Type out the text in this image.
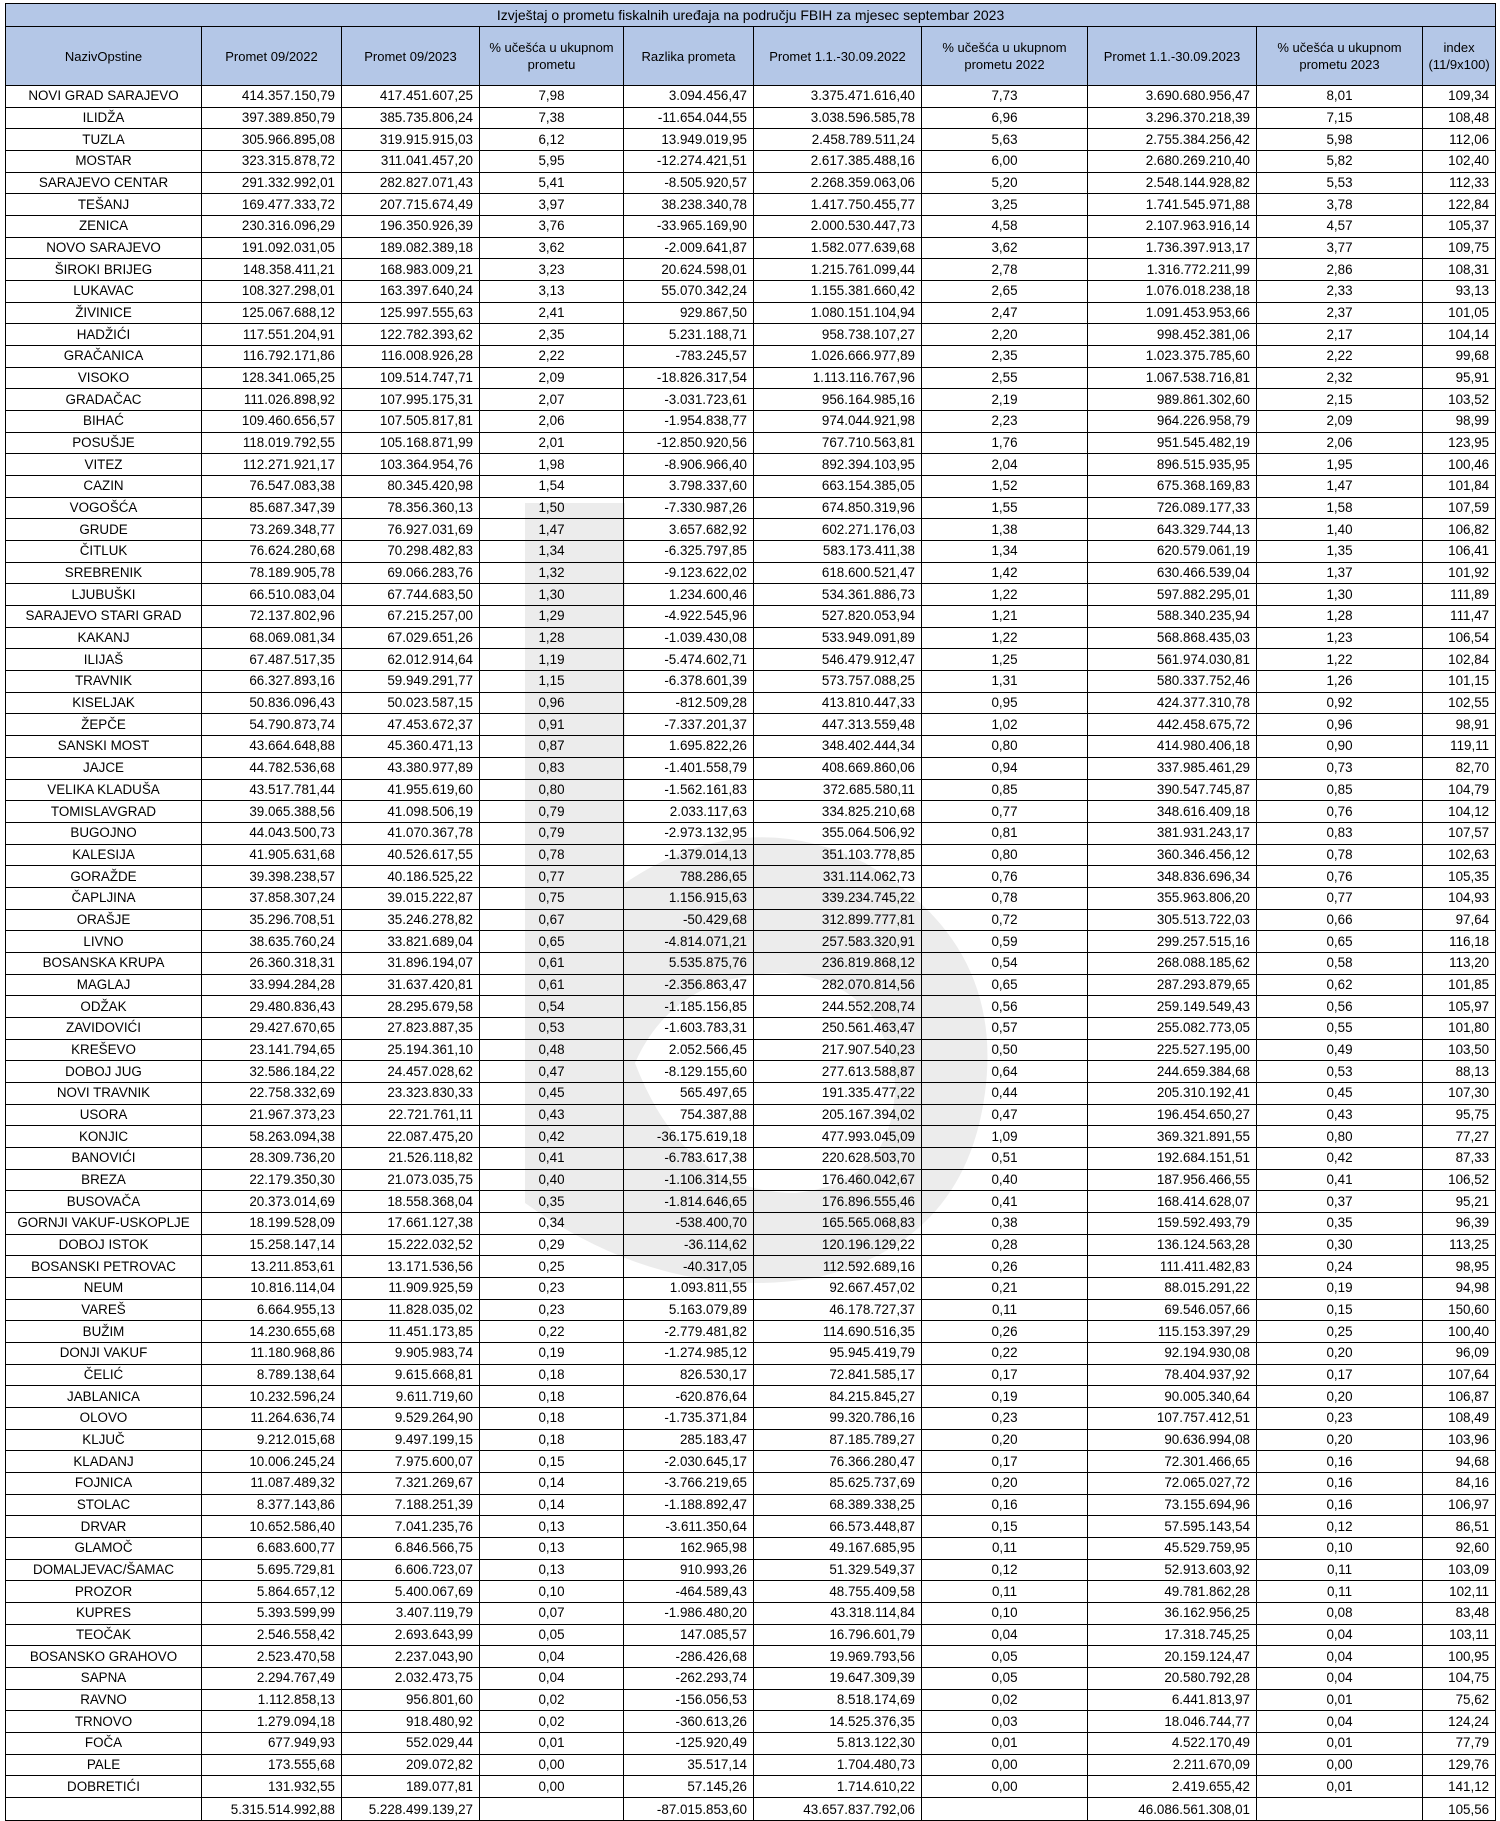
Izvještaj o prometu fiskalnih uređaja na području FBIH za mjesec septembar 2023									
NazivOpstine	Promet 09/2022	Promet 09/2023	% učešća u ukupnom prometu	Razlika prometa	Promet 1.1.-30.09.2022	% učešća u ukupnom prometu 2022	Promet 1.1.-30.09.2023	% učešća u ukupnom prometu 2023	index (11/9x100)
NOVI GRAD SARAJEVO	414.357.150,79	417.451.607,25	7,98	3.094.456,47	3.375.471.616,40	7,73	3.690.680.956,47	8,01	109,34
ILIDŽA	397.389.850,79	385.735.806,24	7,38	-11.654.044,55	3.038.596.585,78	6,96	3.296.370.218,39	7,15	108,48
TUZLA	305.966.895,08	319.915.915,03	6,12	13.949.019,95	2.458.789.511,24	5,63	2.755.384.256,42	5,98	112,06
MOSTAR	323.315.878,72	311.041.457,20	5,95	-12.274.421,51	2.617.385.488,16	6,00	2.680.269.210,40	5,82	102,40
SARAJEVO CENTAR	291.332.992,01	282.827.071,43	5,41	-8.505.920,57	2.268.359.063,06	5,20	2.548.144.928,82	5,53	112,33
TEŠANJ	169.477.333,72	207.715.674,49	3,97	38.238.340,78	1.417.750.455,77	3,25	1.741.545.971,88	3,78	122,84
ZENICA	230.316.096,29	196.350.926,39	3,76	-33.965.169,90	2.000.530.447,73	4,58	2.107.963.916,14	4,57	105,37
NOVO SARAJEVO	191.092.031,05	189.082.389,18	3,62	-2.009.641,87	1.582.077.639,68	3,62	1.736.397.913,17	3,77	109,75
ŠIROKI BRIJEG	148.358.411,21	168.983.009,21	3,23	20.624.598,01	1.215.761.099,44	2,78	1.316.772.211,99	2,86	108,31
LUKAVAC	108.327.298,01	163.397.640,24	3,13	55.070.342,24	1.155.381.660,42	2,65	1.076.018.238,18	2,33	93,13
ŽIVINICE	125.067.688,12	125.997.555,63	2,41	929.867,50	1.080.151.104,94	2,47	1.091.453.953,66	2,37	101,05
HADŽIĆI	117.551.204,91	122.782.393,62	2,35	5.231.188,71	958.738.107,27	2,20	998.452.381,06	2,17	104,14
GRAČANICA	116.792.171,86	116.008.926,28	2,22	-783.245,57	1.026.666.977,89	2,35	1.023.375.785,60	2,22	99,68
VISOKO	128.341.065,25	109.514.747,71	2,09	-18.826.317,54	1.113.116.767,96	2,55	1.067.538.716,81	2,32	95,91
GRADAČAC	111.026.898,92	107.995.175,31	2,07	-3.031.723,61	956.164.985,16	2,19	989.861.302,60	2,15	103,52
BIHAĆ	109.460.656,57	107.505.817,81	2,06	-1.954.838,77	974.044.921,98	2,23	964.226.958,79	2,09	98,99
POSUŠJE	118.019.792,55	105.168.871,99	2,01	-12.850.920,56	767.710.563,81	1,76	951.545.482,19	2,06	123,95
VITEZ	112.271.921,17	103.364.954,76	1,98	-8.906.966,40	892.394.103,95	2,04	896.515.935,95	1,95	100,46
CAZIN	76.547.083,38	80.345.420,98	1,54	3.798.337,60	663.154.385,05	1,52	675.368.169,83	1,47	101,84
VOGOŠĆA	85.687.347,39	78.356.360,13	1,50	-7.330.987,26	674.850.319,96	1,55	726.089.177,33	1,58	107,59
GRUDE	73.269.348,77	76.927.031,69	1,47	3.657.682,92	602.271.176,03	1,38	643.329.744,13	1,40	106,82
ČITLUK	76.624.280,68	70.298.482,83	1,34	-6.325.797,85	583.173.411,38	1,34	620.579.061,19	1,35	106,41
SREBRENIK	78.189.905,78	69.066.283,76	1,32	-9.123.622,02	618.600.521,47	1,42	630.466.539,04	1,37	101,92
LJUBUŠKI	66.510.083,04	67.744.683,50	1,30	1.234.600,46	534.361.886,73	1,22	597.882.295,01	1,30	111,89
SARAJEVO STARI GRAD	72.137.802,96	67.215.257,00	1,29	-4.922.545,96	527.820.053,94	1,21	588.340.235,94	1,28	111,47
KAKANJ	68.069.081,34	67.029.651,26	1,28	-1.039.430,08	533.949.091,89	1,22	568.868.435,03	1,23	106,54
ILIJAŠ	67.487.517,35	62.012.914,64	1,19	-5.474.602,71	546.479.912,47	1,25	561.974.030,81	1,22	102,84
TRAVNIK	66.327.893,16	59.949.291,77	1,15	-6.378.601,39	573.757.088,25	1,31	580.337.752,46	1,26	101,15
KISELJAK	50.836.096,43	50.023.587,15	0,96	-812.509,28	413.810.447,33	0,95	424.377.310,78	0,92	102,55
ŽEPČE	54.790.873,74	47.453.672,37	0,91	-7.337.201,37	447.313.559,48	1,02	442.458.675,72	0,96	98,91
SANSKI MOST	43.664.648,88	45.360.471,13	0,87	1.695.822,26	348.402.444,34	0,80	414.980.406,18	0,90	119,11
JAJCE	44.782.536,68	43.380.977,89	0,83	-1.401.558,79	408.669.860,06	0,94	337.985.461,29	0,73	82,70
VELIKA KLADUŠA	43.517.781,44	41.955.619,60	0,80	-1.562.161,83	372.685.580,11	0,85	390.547.745,87	0,85	104,79
TOMISLAVGRAD	39.065.388,56	41.098.506,19	0,79	2.033.117,63	334.825.210,68	0,77	348.616.409,18	0,76	104,12
BUGOJNO	44.043.500,73	41.070.367,78	0,79	-2.973.132,95	355.064.506,92	0,81	381.931.243,17	0,83	107,57
KALESIJA	41.905.631,68	40.526.617,55	0,78	-1.379.014,13	351.103.778,85	0,80	360.346.456,12	0,78	102,63
GORAŽDE	39.398.238,57	40.186.525,22	0,77	788.286,65	331.114.062,73	0,76	348.836.696,34	0,76	105,35
ČAPLJINA	37.858.307,24	39.015.222,87	0,75	1.156.915,63	339.234.745,22	0,78	355.963.806,20	0,77	104,93
ORAŠJE	35.296.708,51	35.246.278,82	0,67	-50.429,68	312.899.777,81	0,72	305.513.722,03	0,66	97,64
LIVNO	38.635.760,24	33.821.689,04	0,65	-4.814.071,21	257.583.320,91	0,59	299.257.515,16	0,65	116,18
BOSANSKA KRUPA	26.360.318,31	31.896.194,07	0,61	5.535.875,76	236.819.868,12	0,54	268.088.185,62	0,58	113,20
MAGLAJ	33.994.284,28	31.637.420,81	0,61	-2.356.863,47	282.070.814,56	0,65	287.293.879,65	0,62	101,85
ODŽAK	29.480.836,43	28.295.679,58	0,54	-1.185.156,85	244.552.208,74	0,56	259.149.549,43	0,56	105,97
ZAVIDOVIĆI	29.427.670,65	27.823.887,35	0,53	-1.603.783,31	250.561.463,47	0,57	255.082.773,05	0,55	101,80
KREŠEVO	23.141.794,65	25.194.361,10	0,48	2.052.566,45	217.907.540,23	0,50	225.527.195,00	0,49	103,50
DOBOJ JUG	32.586.184,22	24.457.028,62	0,47	-8.129.155,60	277.613.588,87	0,64	244.659.384,68	0,53	88,13
NOVI TRAVNIK	22.758.332,69	23.323.830,33	0,45	565.497,65	191.335.477,22	0,44	205.310.192,41	0,45	107,30
USORA	21.967.373,23	22.721.761,11	0,43	754.387,88	205.167.394,02	0,47	196.454.650,27	0,43	95,75
KONJIC	58.263.094,38	22.087.475,20	0,42	-36.175.619,18	477.993.045,09	1,09	369.321.891,55	0,80	77,27
BANOVIĆI	28.309.736,20	21.526.118,82	0,41	-6.783.617,38	220.628.503,70	0,51	192.684.151,51	0,42	87,33
BREZA	22.179.350,30	21.073.035,75	0,40	-1.106.314,55	176.460.042,67	0,40	187.956.466,55	0,41	106,52
BUSOVAČA	20.373.014,69	18.558.368,04	0,35	-1.814.646,65	176.896.555,46	0,41	168.414.628,07	0,37	95,21
GORNJI VAKUF-USKOPLJE	18.199.528,09	17.661.127,38	0,34	-538.400,70	165.565.068,83	0,38	159.592.493,79	0,35	96,39
DOBOJ ISTOK	15.258.147,14	15.222.032,52	0,29	-36.114,62	120.196.129,22	0,28	136.124.563,28	0,30	113,25
BOSANSKI PETROVAC	13.211.853,61	13.171.536,56	0,25	-40.317,05	112.592.689,16	0,26	111.411.482,83	0,24	98,95
NEUM	10.816.114,04	11.909.925,59	0,23	1.093.811,55	92.667.457,02	0,21	88.015.291,22	0,19	94,98
VAREŠ	6.664.955,13	11.828.035,02	0,23	5.163.079,89	46.178.727,37	0,11	69.546.057,66	0,15	150,60
BUŽIM	14.230.655,68	11.451.173,85	0,22	-2.779.481,82	114.690.516,35	0,26	115.153.397,29	0,25	100,40
DONJI VAKUF	11.180.968,86	9.905.983,74	0,19	-1.274.985,12	95.945.419,79	0,22	92.194.930,08	0,20	96,09
ČELIĆ	8.789.138,64	9.615.668,81	0,18	826.530,17	72.841.585,17	0,17	78.404.937,92	0,17	107,64
JABLANICA	10.232.596,24	9.611.719,60	0,18	-620.876,64	84.215.845,27	0,19	90.005.340,64	0,20	106,87
OLOVO	11.264.636,74	9.529.264,90	0,18	-1.735.371,84	99.320.786,16	0,23	107.757.412,51	0,23	108,49
KLJUČ	9.212.015,68	9.497.199,15	0,18	285.183,47	87.185.789,27	0,20	90.636.994,08	0,20	103,96
KLADANJ	10.006.245,24	7.975.600,07	0,15	-2.030.645,17	76.366.280,47	0,17	72.301.466,65	0,16	94,68
FOJNICA	11.087.489,32	7.321.269,67	0,14	-3.766.219,65	85.625.737,69	0,20	72.065.027,72	0,16	84,16
STOLAC	8.377.143,86	7.188.251,39	0,14	-1.188.892,47	68.389.338,25	0,16	73.155.694,96	0,16	106,97
DRVAR	10.652.586,40	7.041.235,76	0,13	-3.611.350,64	66.573.448,87	0,15	57.595.143,54	0,12	86,51
GLAMOČ	6.683.600,77	6.846.566,75	0,13	162.965,98	49.167.685,95	0,11	45.529.759,95	0,10	92,60
DOMALJEVAC/ŠAMAC	5.695.729,81	6.606.723,07	0,13	910.993,26	51.329.549,37	0,12	52.913.603,92	0,11	103,09
PROZOR	5.864.657,12	5.400.067,69	0,10	-464.589,43	48.755.409,58	0,11	49.781.862,28	0,11	102,11
KUPRES	5.393.599,99	3.407.119,79	0,07	-1.986.480,20	43.318.114,84	0,10	36.162.956,25	0,08	83,48
TEOČAK	2.546.558,42	2.693.643,99	0,05	147.085,57	16.796.601,79	0,04	17.318.745,25	0,04	103,11
BOSANSKO GRAHOVO	2.523.470,58	2.237.043,90	0,04	-286.426,68	19.969.793,56	0,05	20.159.124,47	0,04	100,95
SAPNA	2.294.767,49	2.032.473,75	0,04	-262.293,74	19.647.309,39	0,05	20.580.792,28	0,04	104,75
RAVNO	1.112.858,13	956.801,60	0,02	-156.056,53	8.518.174,69	0,02	6.441.813,97	0,01	75,62
TRNOVO	1.279.094,18	918.480,92	0,02	-360.613,26	14.525.376,35	0,03	18.046.744,77	0,04	124,24
FOČA	677.949,93	552.029,44	0,01	-125.920,49	5.813.122,30	0,01	4.522.170,49	0,01	77,79
PALE	173.555,68	209.072,82	0,00	35.517,14	1.704.480,73	0,00	2.211.670,09	0,00	129,76
DOBRETIĆI	131.932,55	189.077,81	0,00	57.145,26	1.714.610,22	0,00	2.419.655,42	0,01	141,12
	5.315.514.992,88	5.228.499.139,27		-87.015.853,60	43.657.837.792,06		46.086.561.308,01		105,56
